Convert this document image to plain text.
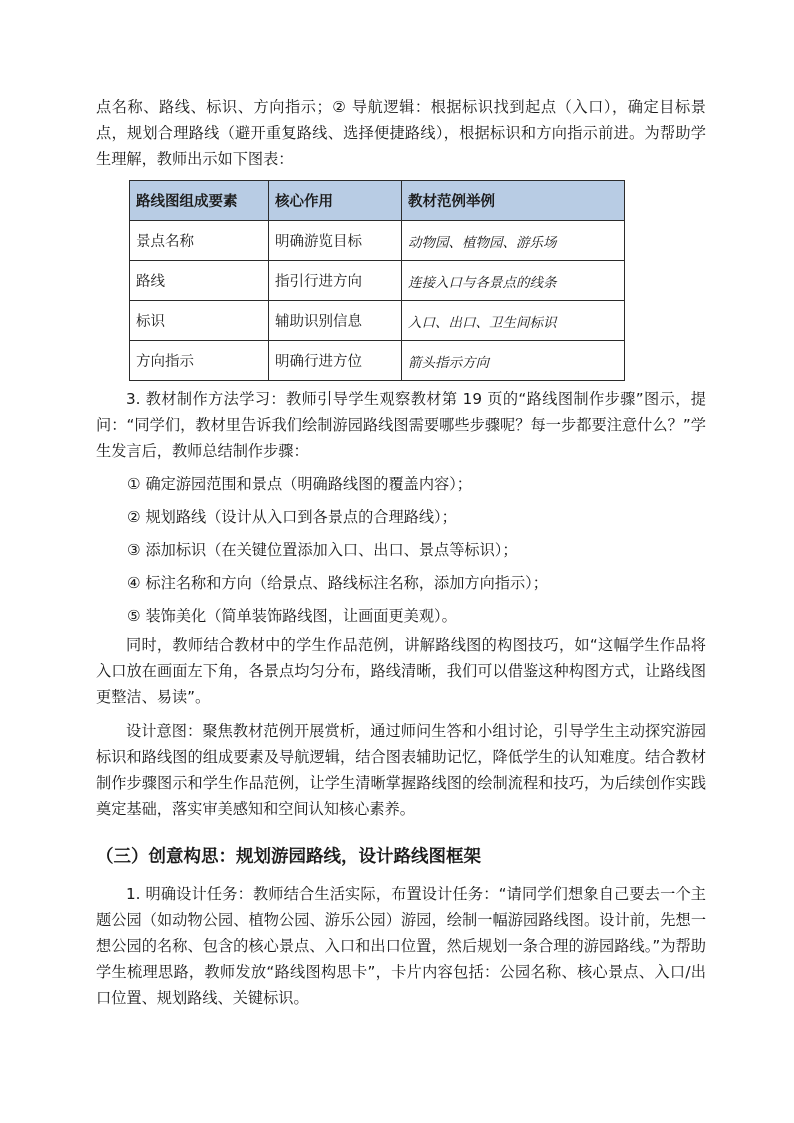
点名称、路线、标识、方向指示；② 导航逻辑：根据标识找到起点（入口），确定目标景点，规划合理路线（避开重复路线、选择便捷路线），根据标识和方向指示前进。为帮助学生理解，教师出示如下图表：

路线图组成要素	核心作用	教材范例举例
景点名称	明确游览目标	动物园、植物园、游乐场
路线	指引行进方向	连接入口与各景点的线条
标识	辅助识别信息	入口、出口、卫生间标识
方向指示	明确行进方位	箭头指示方向

3. 教材制作方法学习：教师引导学生观察教材第 19 页的“路线图制作步骤”图示，提问：“同学们，教材里告诉我们绘制游园路线图需要哪些步骤呢？每一步都要注意什么？”学生发言后，教师总结制作步骤：

① 确定游园范围和景点（明确路线图的覆盖内容）；

② 规划路线（设计从入口到各景点的合理路线）；

③ 添加标识（在关键位置添加入口、出口、景点等标识）；

④ 标注名称和方向（给景点、路线标注名称，添加方向指示）；

⑤ 装饰美化（简单装饰路线图，让画面更美观）。

同时，教师结合教材中的学生作品范例，讲解路线图的构图技巧，如“这幅学生作品将入口放在画面左下角，各景点均匀分布，路线清晰，我们可以借鉴这种构图方式，让路线图更整洁、易读”。

设计意图：聚焦教材范例开展赏析，通过师问生答和小组讨论，引导学生主动探究游园标识和路线图的组成要素及导航逻辑，结合图表辅助记忆，降低学生的认知难度。结合教材制作步骤图示和学生作品范例，让学生清晰掌握路线图的绘制流程和技巧，为后续创作实践奠定基础，落实审美感知和空间认知核心素养。

（三）创意构思：规划游园路线，设计路线图框架

1. 明确设计任务：教师结合生活实际，布置设计任务：“请同学们想象自己要去一个主题公园（如动物公园、植物公园、游乐公园）游园，绘制一幅游园路线图。设计前，先想一想公园的名称、包含的核心景点、入口和出口位置，然后规划一条合理的游园路线。”为帮助学生梳理思路，教师发放“路线图构思卡”，卡片内容包括：公园名称、核心景点、入口/出口位置、规划路线、关键标识。
